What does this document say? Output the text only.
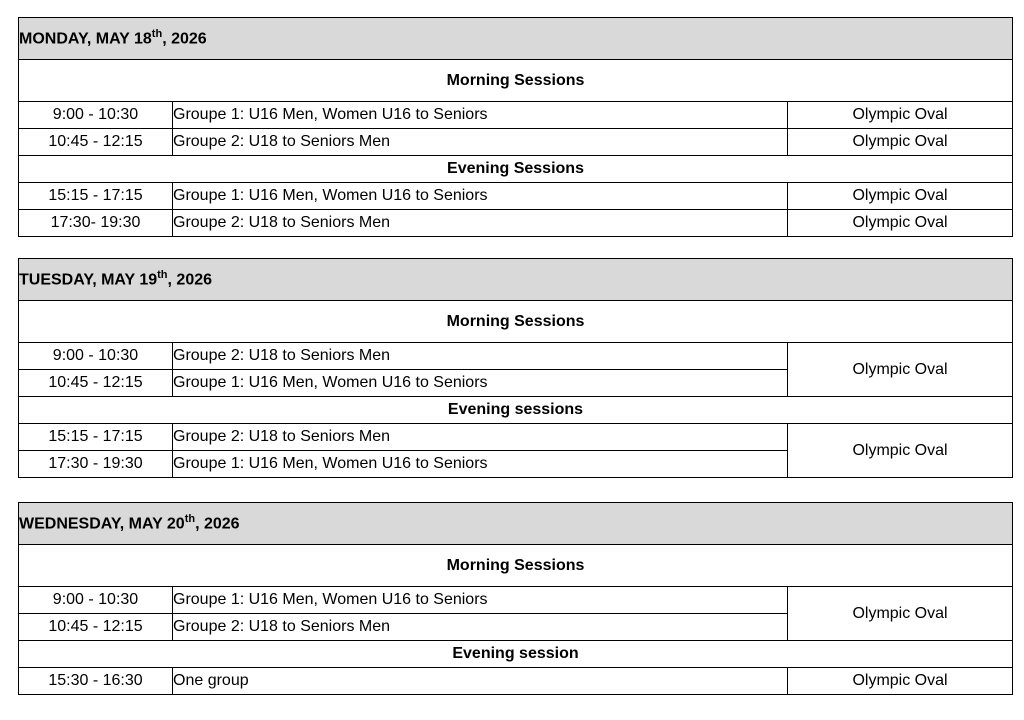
MONDAY, MAY 18th, 2026		
Morning Sessions		
9:00 - 10:30	Groupe 1: U16 Men, Women U16 to Seniors	Olympic Oval
10:45 - 12:15	Groupe 2: U18 to Seniors Men	Olympic Oval
Evening Sessions		
15:15 - 17:15	Groupe 1: U16 Men, Women U16 to Seniors	Olympic Oval
17:30- 19:30	Groupe 2: U18 to Seniors Men	Olympic Oval
TUESDAY, MAY 19th, 2026		
Morning Sessions		
9:00 - 10:30	Groupe 2: U18 to Seniors Men	Olympic Oval
10:45 - 12:15	Groupe 1: U16 Men, Women U16 to Seniors	
Evening sessions		
15:15 - 17:15	Groupe 2: U18 to Seniors Men	Olympic Oval
17:30 - 19:30	Groupe 1: U16 Men, Women U16 to Seniors	
WEDNESDAY, MAY 20th, 2026		
Morning Sessions		
9:00 - 10:30	Groupe 1: U16 Men, Women U16 to Seniors	Olympic Oval
10:45 - 12:15	Groupe 2: U18 to Seniors Men	
Evening session		
15:30 - 16:30	One group	Olympic Oval
